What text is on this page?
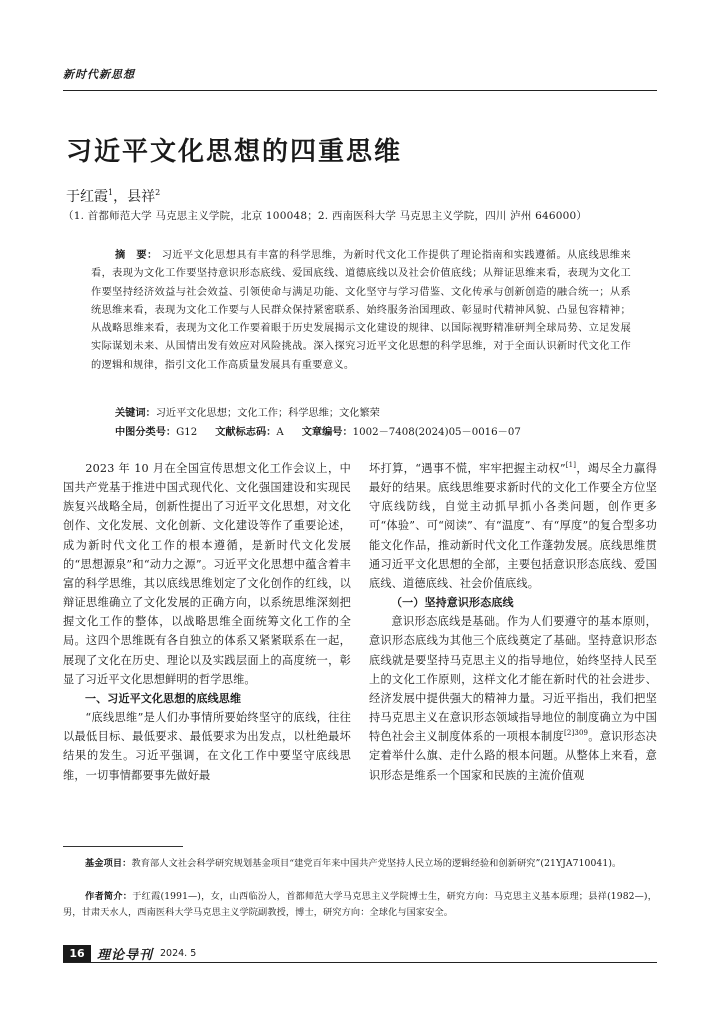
新时代新思想
习近平文化思想的四重思维
于红霞$^1$，县祥$^2$
（1. 首都师范大学 马克思主义学院，北京 100048；2. 西南医科大学 马克思主义学院，四川 泸州 646000）
摘　要： 习近平文化思想具有丰富的科学思维，为新时代文化工作提供了理论指南和实践遵循。从底线思维来看，表现为文化工作要坚持意识形态底线、爱国底线、道德底线以及社会价值底线；从辩证思维来看，表现为文化工作要坚持经济效益与社会效益、引领使命与满足功能、文化坚守与学习借鉴、文化传承与创新创造的融合统一；从系统思维来看，表现为文化工作要与人民群众保持紧密联系、始终服务治国理政、彰显时代精神风貌、凸显包容精神；从战略思维来看，表现为文化工作要着眼于历史发展揭示文化建设的规律、以国际视野精准研判全球局势、立足发展实际谋划未来、从国情出发有效应对风险挑战。深入探究习近平文化思想的科学思维，对于全面认识新时代文化工作的逻辑和规律，指引文化工作高质量发展具有重要意义。
关键词：习近平文化思想；文化工作；科学思维；文化繁荣
中图分类号：G12 文献标志码：A 文章编号：1002－7408(2024)05－0016－07

2023 年 10 月在全国宣传思想文化工作会议上，中国共产党基于推进中国式现代化、文化强国建设和实现民族复兴战略全局，创新性提出了习近平文化思想，对文化创作、文化发展、文化创新、文化建设等作了重要论述，成为新时代文化工作的根本遵循，是新时代文化发展的“思想源泉”和“动力之源”。习近平文化思想中蕴含着丰富的科学思维，其以底线思维划定了文化创作的红线，以辩证思维确立了文化发展的正确方向，以系统思维深刻把握文化工作的整体，以战略思维全面统筹文化工作的全局。这四个思维既有各自独立的体系又紧紧联系在一起，展现了文化在历史、理论以及实践层面上的高度统一，彰显了习近平文化思想鲜明的哲学思维。

一、习近平文化思想的底线思维

“底线思维”是人们办事情所要始终坚守的底线，往往以最低目标、最低要求、最低要求为出发点，以杜绝最坏结果的发生。习近平强调，在文化工作中要坚守底线思维，一切事情都要事先做好最

坏打算，“遇事不慌，牢牢把握主动权”[1]，竭尽全力赢得最好的结果。底线思维要求新时代的文化工作要全方位坚守底线防线，自觉主动抓早抓小各类问题，创作更多可“体验”、可“阅读”、有“温度”、有“厚度”的复合型多功能文化作品，推动新时代文化工作蓬勃发展。底线思维贯通习近平文化思想的全部，主要包括意识形态底线、爱国底线、道德底线、社会价值底线。

（一）坚持意识形态底线

意识形态底线是基础。作为人们要遵守的基本原则，意识形态底线为其他三个底线奠定了基础。坚持意识形态底线就是要坚持马克思主义的指导地位，始终坚持人民至上的文化工作原则，这样文化才能在新时代的社会进步、经济发展中提供强大的精神力量。习近平指出，我们把坚持马克思主义在意识形态领域指导地位的制度确立为中国特色社会主义制度体系的一项根本制度$^{[2]309}$。意识形态决定着举什么旗、走什么路的根本问题。从整体上来看，意识形态是维系一个国家和民族的主流价值观

基金项目：教育部人文社会科学研究规划基金项目“建党百年来中国共产党坚持人民立场的逻辑经验和创新研究”(21YJA710041)。
作者简介：于红霞(1991—)，女，山西临汾人，首都师范大学马克思主义学院博士生，研究方向：马克思主义基本原理；县祥(1982—)，男，甘肃天水人，西南医科大学马克思主义学院副教授，博士，研究方向：全球化与国家安全。
16 理论导刊 2024. 5
